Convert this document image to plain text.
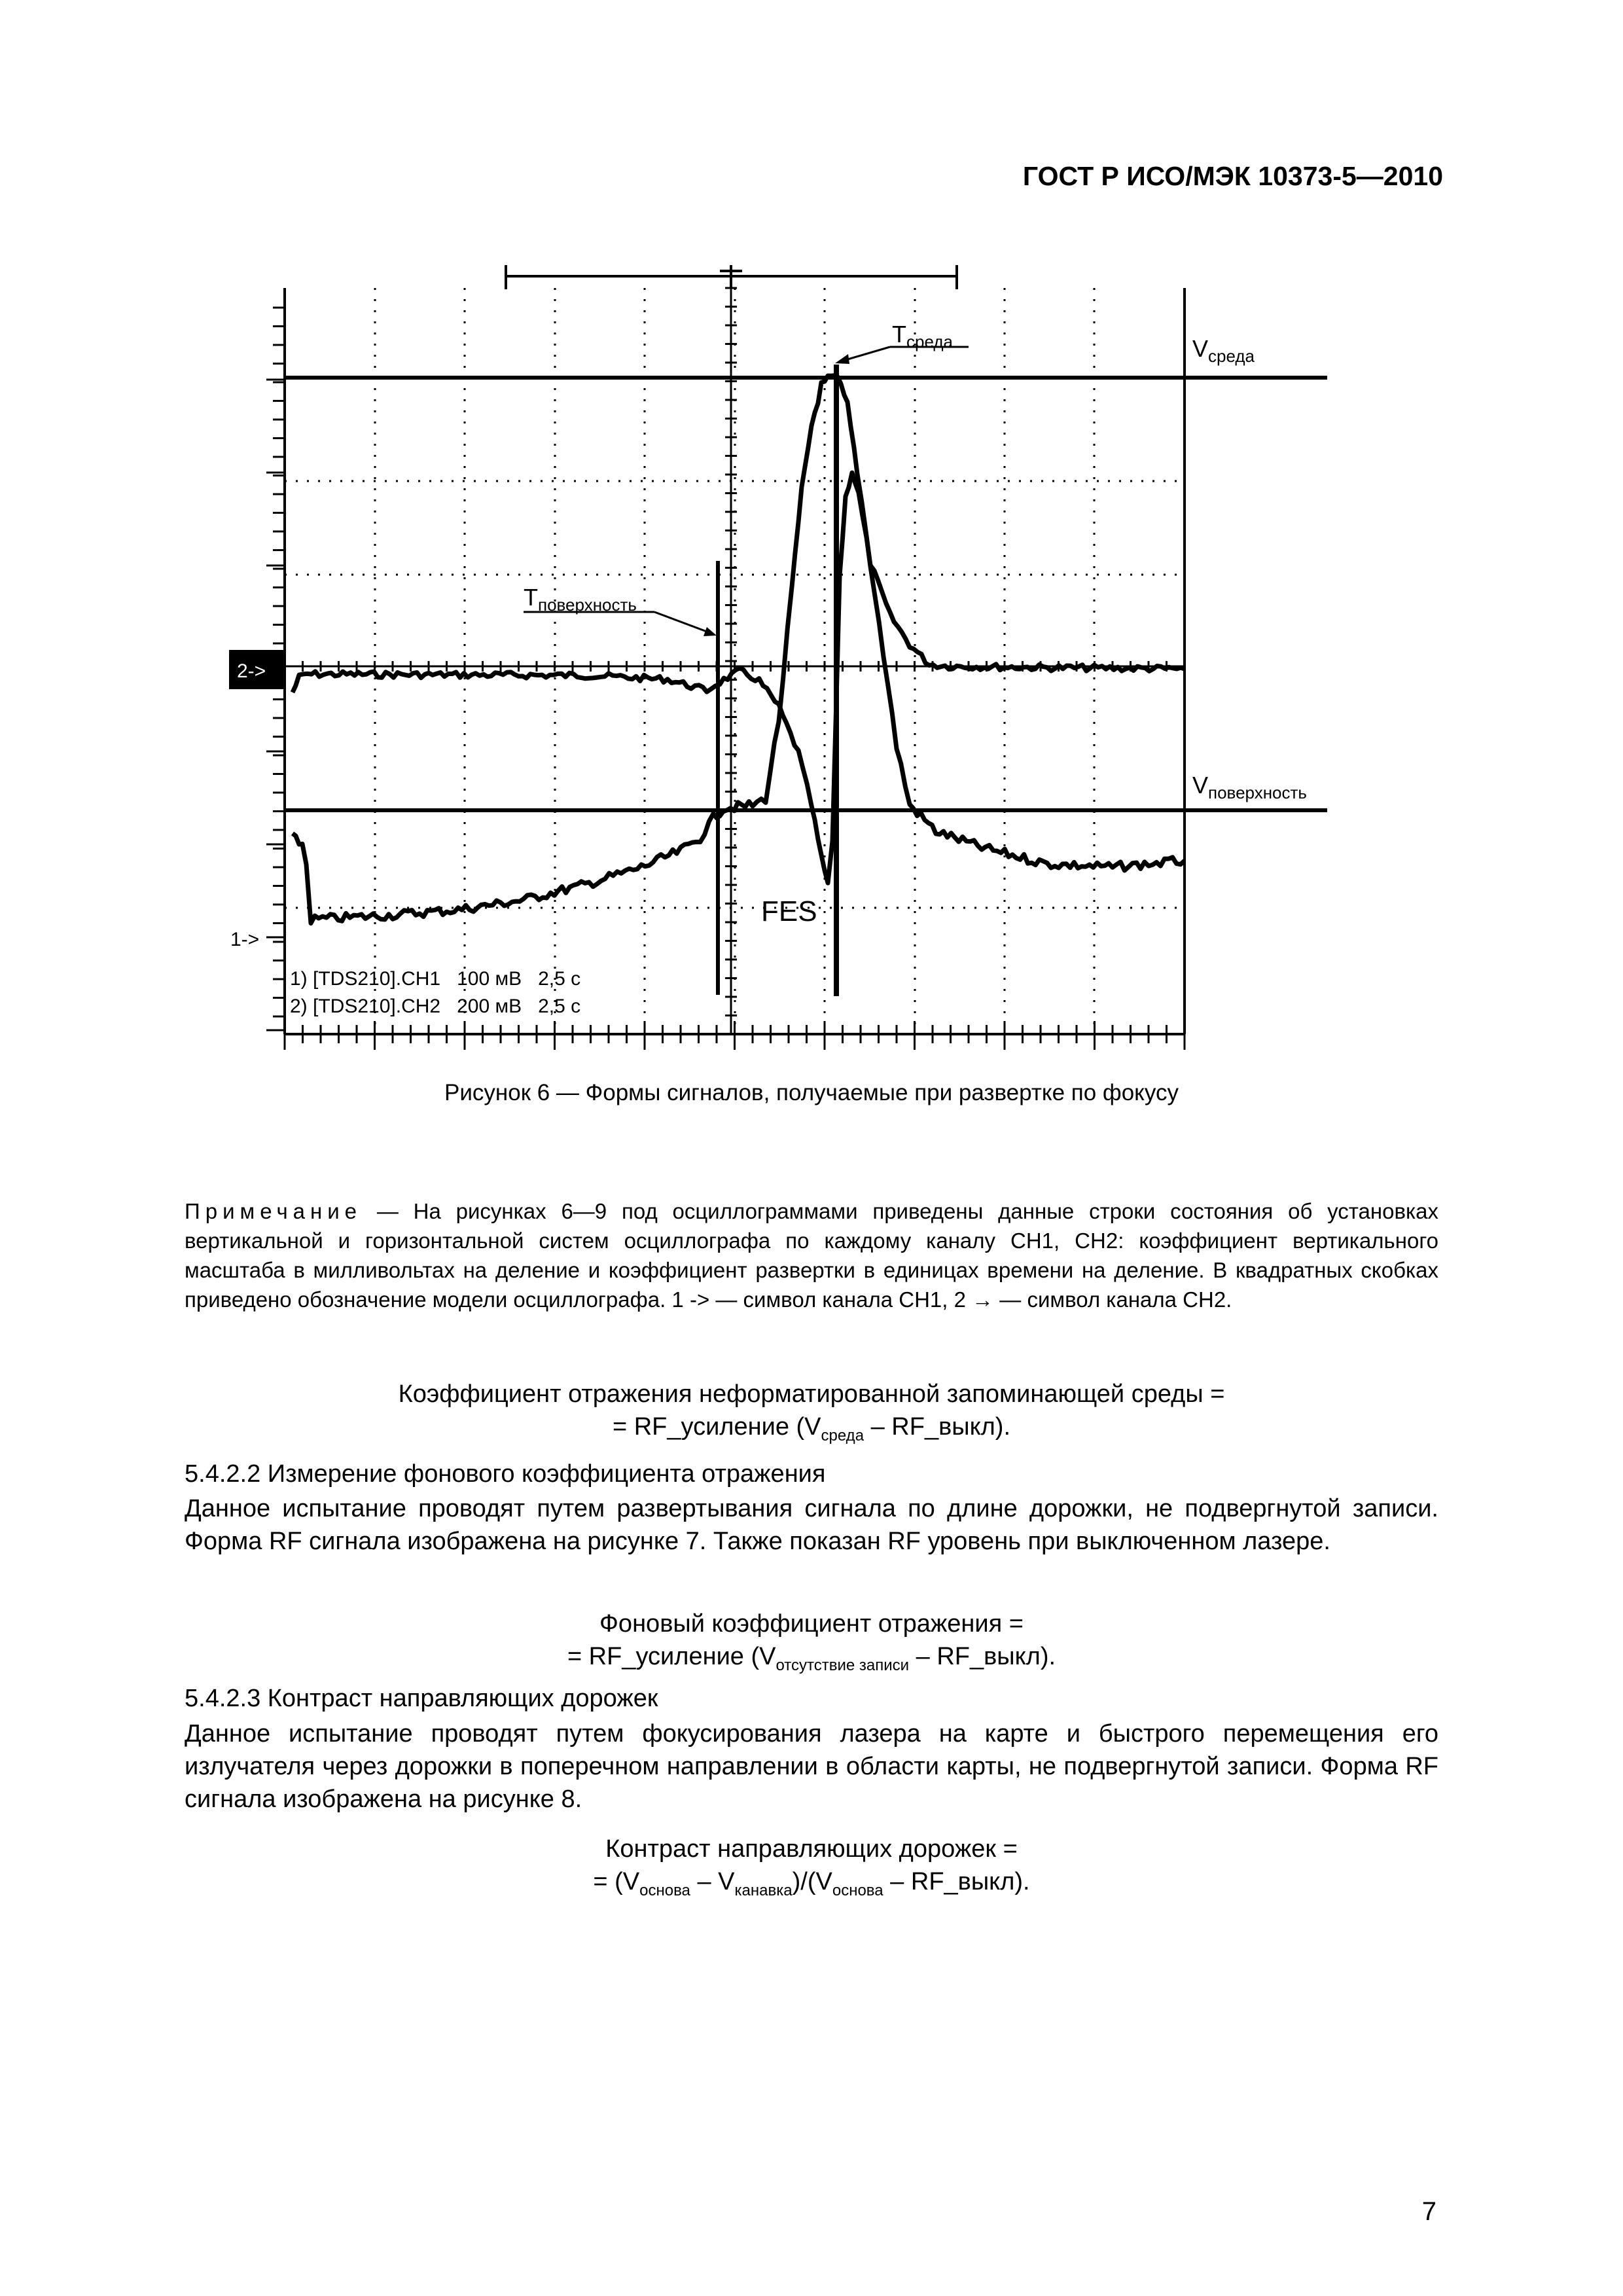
ГОСТ Р ИСО/МЭК 10373-5—2010
2->
1->
$Т_{среда}$	$V_{среда}$
$Т_{поверхность}$
$V_{поверхность}$
FES
1) [TDS210].CH1   100 мВ   2,5 с
2) [TDS210].CH2   200 мВ   2,5 с
Рисунок 6 — Формы сигналов, получаемые при развертке по фокусу
Примечание — На рисунках 6—9 под осциллограммами приведены данные строки состояния об установках вертикальной и горизонтальной систем осциллографа по каждому каналу CH1, CH2: коэффициент вертикального масштаба в милливольтах на деление и коэффициент развертки в единицах времени на деление. В квадратных скобках приведено обозначение модели осциллографа. 1 -> — символ канала CH1, 2 → — символ канала CH2.
Коэффициент отражения неформатированной запоминающей среды =
= RF_усиление ($V_{среда}$ – RF_выкл).
5.4.2.2 Измерение фонового коэффициента отражения
Данное испытание проводят путем развертывания сигнала по длине дорожки, не подвергнутой записи. Форма RF сигнала изображена на рисунке 7. Также показан RF уровень при выключенном лазере.
Фоновый коэффициент отражения =
= RF_усиление ($V_{отсутствие записи}$ – RF_выкл).
5.4.2.3 Контраст направляющих дорожек
Данное испытание проводят путем фокусирования лазера на карте и быстрого перемещения его излучателя через дорожки в поперечном направлении в области карты, не подвергнутой записи. Форма RF сигнала изображена на рисунке 8.
Контраст направляющих дорожек =
= $(V_{основа} - V_{канавка})/(V_{основа}$ – RF_выкл).
7
